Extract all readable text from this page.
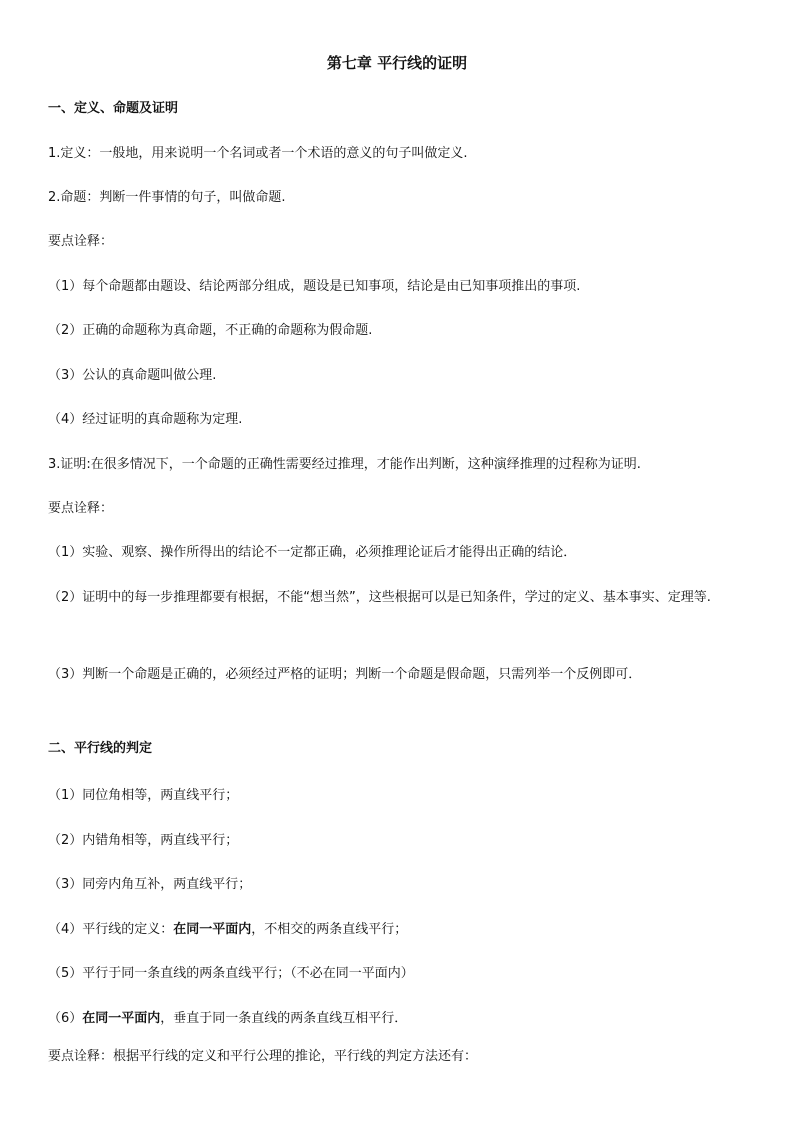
第七章 平行线的证明
一、定义、命题及证明
1.定义：一般地，用来说明一个名词或者一个术语的意义的句子叫做定义.
2.命题：判断一件事情的句子，叫做命题.
要点诠释：
（1）每个命题都由题设、结论两部分组成，题设是已知事项，结论是由已知事项推出的事项.
（2）正确的命题称为真命题，不正确的命题称为假命题.
（3）公认的真命题叫做公理.
（4）经过证明的真命题称为定理.
3.证明:在很多情况下，一个命题的正确性需要经过推理，才能作出判断，这种演绎推理的过程称为证明.
要点诠释：
（1）实验、观察、操作所得出的结论不一定都正确，必须推理论证后才能得出正确的结论．
（2）证明中的每一步推理都要有根据，不能“想当然”，这些根据可以是已知条件，学过的定义、基本事实、定理等.
（3）判断一个命题是正确的，必须经过严格的证明；判断一个命题是假命题，只需列举一个反例即可．
二、平行线的判定
（1）同位角相等，两直线平行；
（2）内错角相等，两直线平行；
（3）同旁内角互补，两直线平行；
（4）平行线的定义：在同一平面内，不相交的两条直线平行；
（5）平行于同一条直线的两条直线平行；（不必在同一平面内）
（6）在同一平面内，垂直于同一条直线的两条直线互相平行．
要点诠释：根据平行线的定义和平行公理的推论，平行线的判定方法还有：
